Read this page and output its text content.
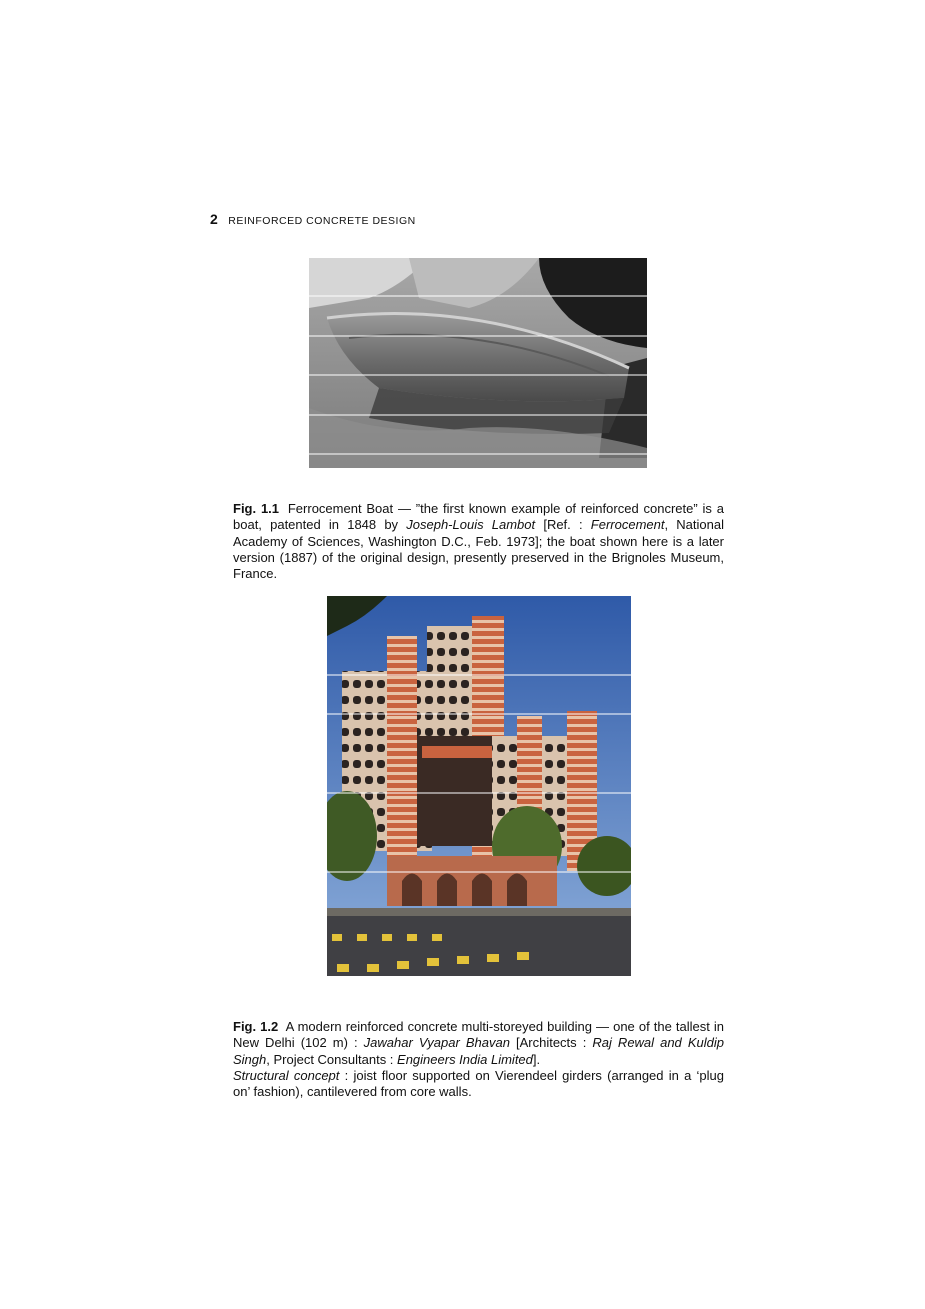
2 REINFORCED CONCRETE DESIGN

Fig. 1.1 Ferrocement Boat — ”the first known example of reinforced concrete” is a boat, patented in 1848 by Joseph-Louis Lambot [Ref. : Ferrocement, National Academy of Sciences, Washington D.C., Feb. 1973]; the boat shown here is a later version (1887) of the original design, presently preserved in the Brignoles Museum, France.

Fig. 1.2 A modern reinforced concrete multi-storeyed building — one of the tallest in New Delhi (102 m) : Jawahar Vyapar Bhavan [Architects : Raj Rewal and Kuldip Singh, Project Consultants : Engineers India Limited].
Structural concept : joist floor supported on Vierendeel girders (arranged in a ‘plug on’ fashion), cantilevered from core walls.
